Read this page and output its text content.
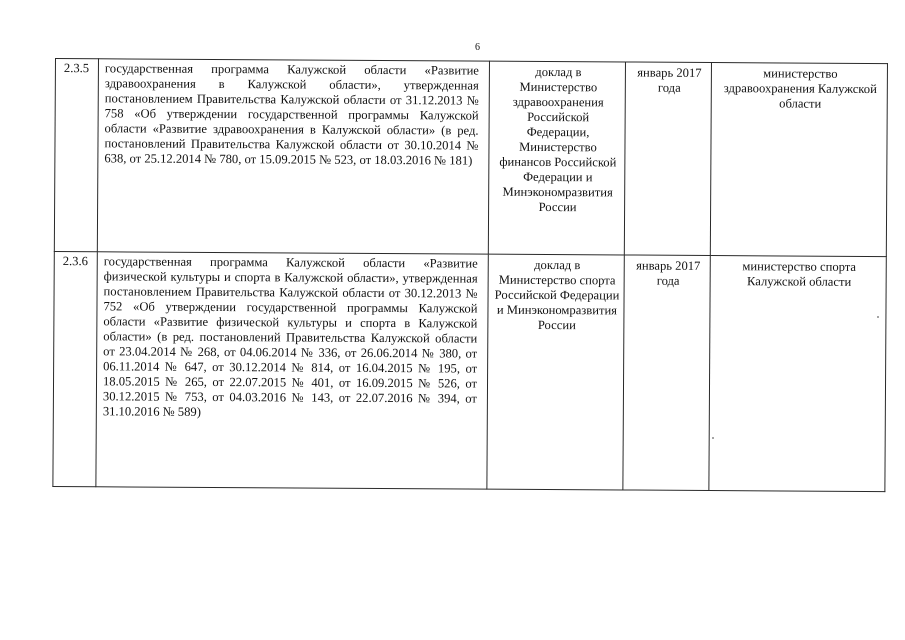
6
2.3.5	государственная программа Калужской области «Развитие здравоохранения в Калужской области», утвержденная постановлением Правительства Калужской области от 31.12.2013 № 758 «Об утверждении государственной программы Калужской области «Развитие здравоохранения в Калужской области» (в ред. постановлений Правительства Калужской области от 30.10.2014 № 638, от 25.12.2014 № 780, от 15.09.2015 № 523, от 18.03.2016 № 181)	доклад в Министерство здравоохранения Российской Федерации, Министерство финансов Российской Федерации и Минэкономразвития России	январь 2017 года	министерство здравоохранения Калужской области

2.3.6	государственная программа Калужской области «Развитие физической культуры и спорта в Калужской области», утвержденная постановлением Правительства Калужской области от 30.12.2013 № 752 «Об утверждении государственной программы Калужской области «Развитие физической культуры и спорта в Калужской области» (в ред. постановлений Правительства Калужской области от 23.04.2014 № 268, от 04.06.2014 № 336, от 26.06.2014 № 380, от 06.11.2014 № 647, от 30.12.2014 № 814, от 16.04.2015 № 195, от 18.05.2015 № 265, от 22.07.2015 № 401, от 16.09.2015 № 526, от 30.12.2015 № 753, от 04.03.2016 № 143, от 22.07.2016 № 394, от 31.10.2016 № 589)	доклад в Министерство спорта Российской Федерации и Минэкономразвития России	январь 2017 года	министерство спорта Калужской области
